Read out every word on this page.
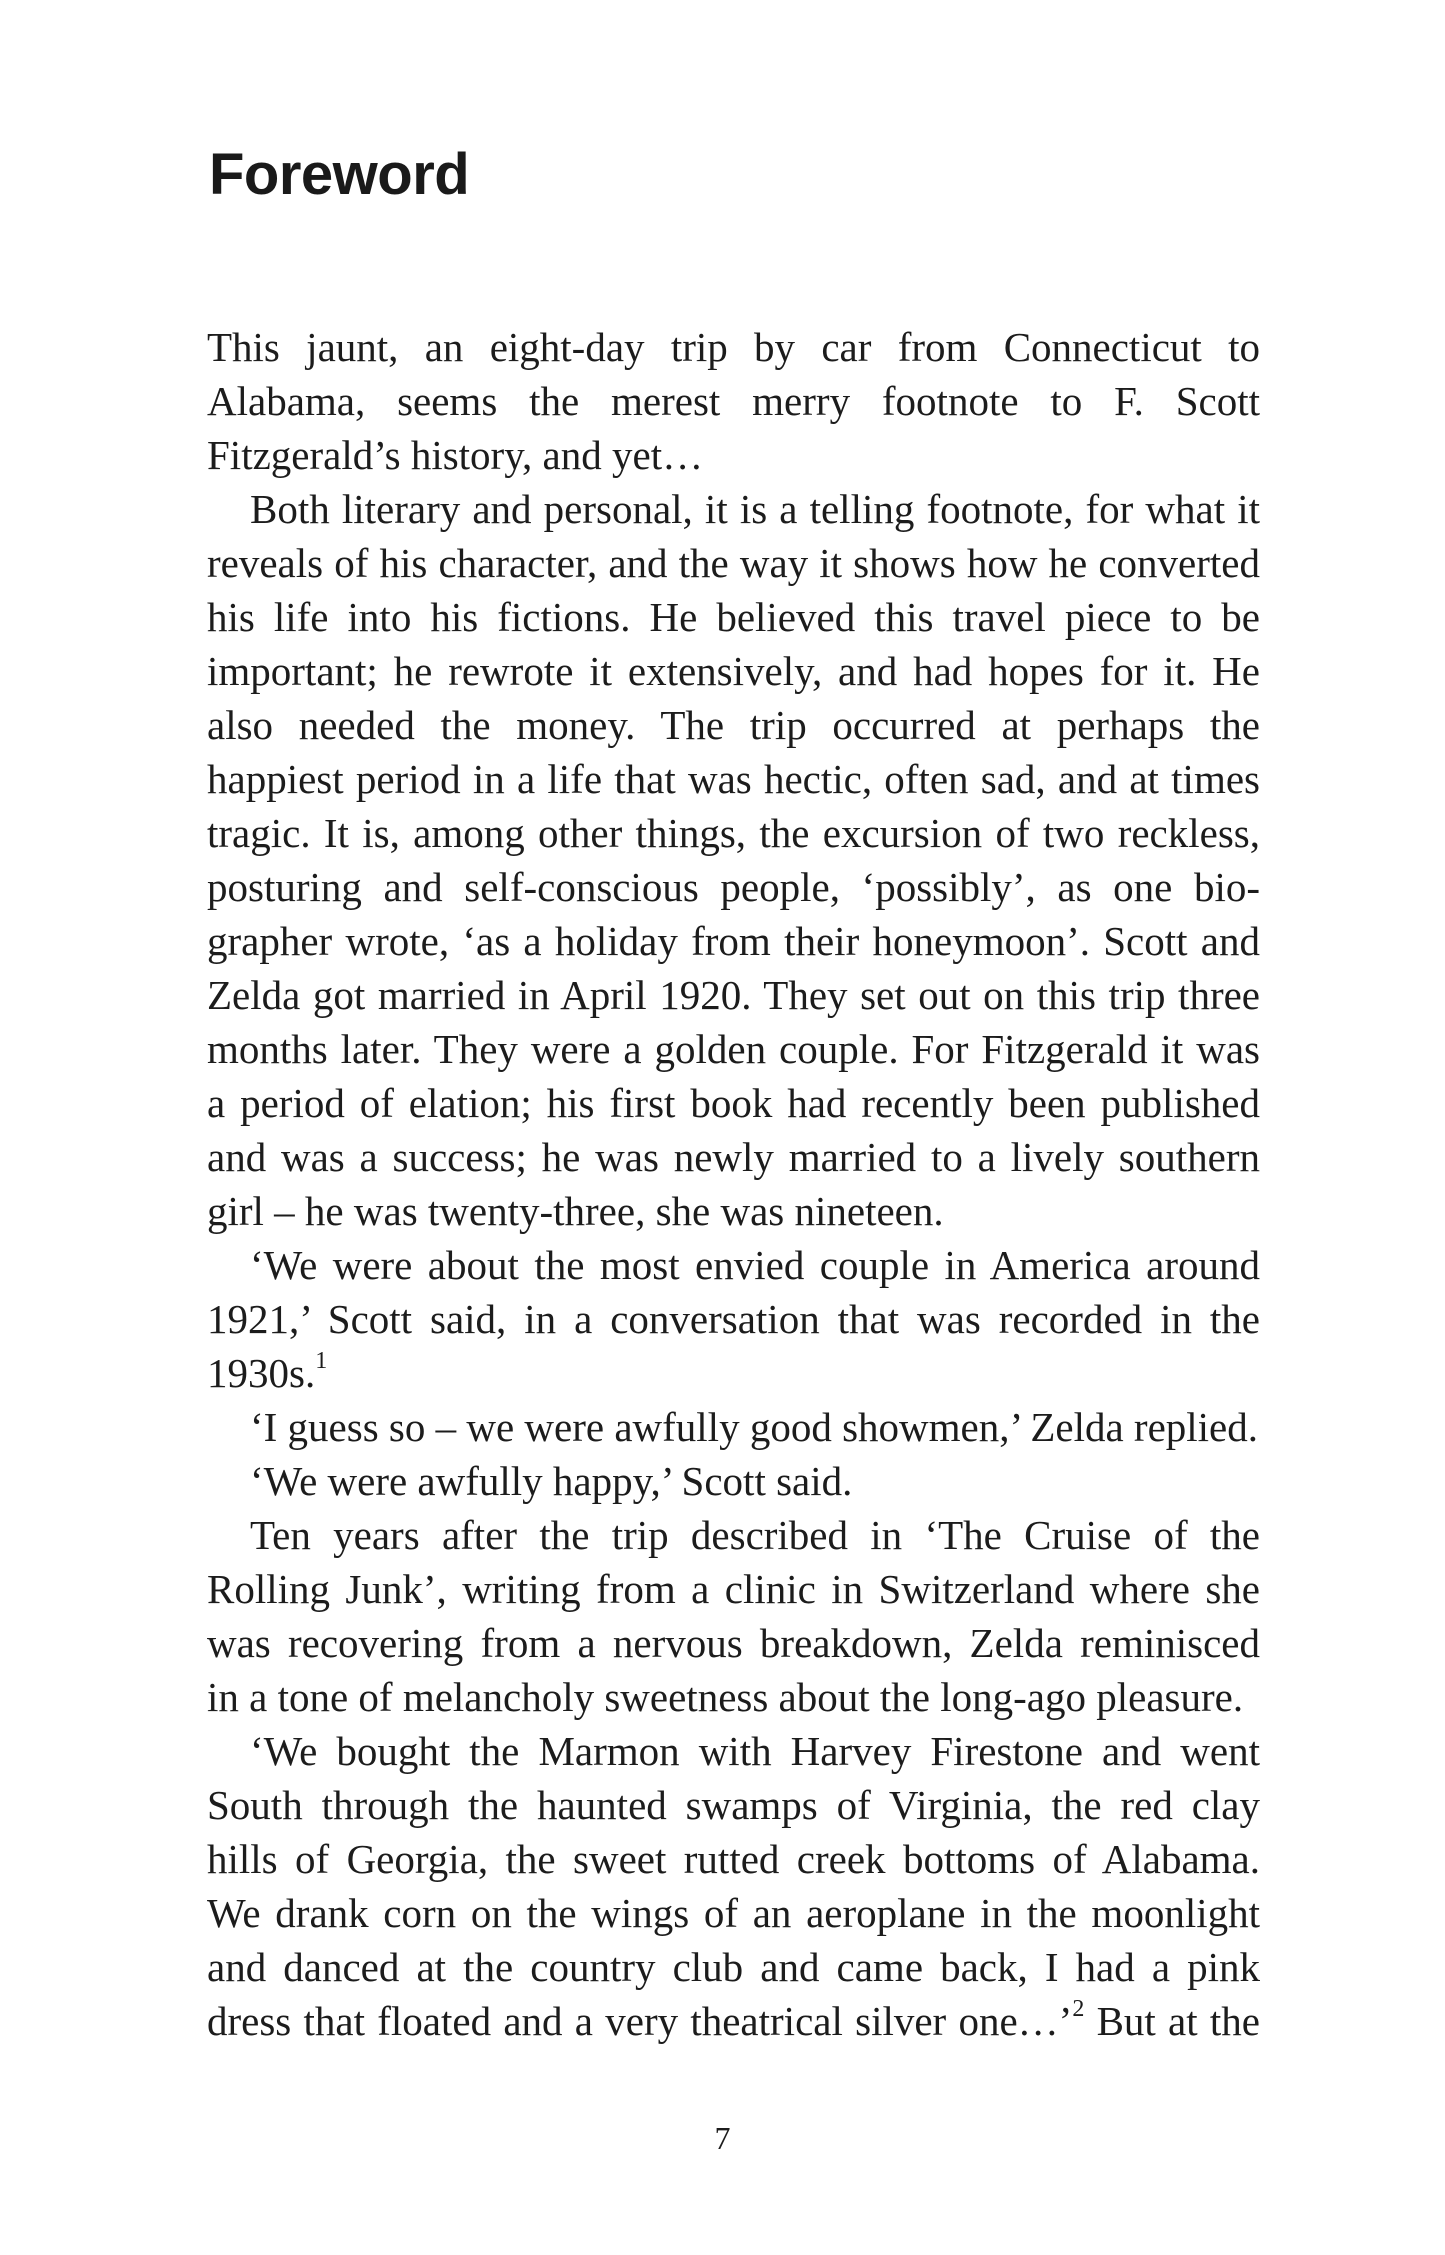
Foreword
This jaunt, an eight-day trip by car from Connecticut to
Alabama, seems the merest merry footnote to F. Scott
Fitzgerald’s history, and yet…
Both literary and personal, it is a telling footnote, for what it
reveals of his character, and the way it shows how he converted
his life into his fictions. He believed this travel piece to be
important; he rewrote it extensively, and had hopes for it. He
also needed the money. The trip occurred at perhaps the
happiest period in a life that was hectic, often sad, and at times
tragic. It is, among other things, the excursion of two reckless,
posturing and self-conscious people, ‘possibly’, as one bio-
grapher wrote, ‘as a holiday from their honeymoon’. Scott and
Zelda got married in April 1920. They set out on this trip three
months later. They were a golden couple. For Fitzgerald it was
a period of elation; his first book had recently been published
and was a success; he was newly married to a lively southern
girl – he was twenty-three, she was nineteen.
‘We were about the most envied couple in America around
1921,’ Scott said, in a conversation that was recorded in the
1930s.$^1$
‘I guess so – we were awfully good showmen,’ Zelda replied.
‘We were awfully happy,’ Scott said.
Ten years after the trip described in ‘The Cruise of the
Rolling Junk’, writing from a clinic in Switzerland where she
was recovering from a nervous breakdown, Zelda reminisced
in a tone of melancholy sweetness about the long-ago pleasure.
‘We bought the Marmon with Harvey Firestone and went
South through the haunted swamps of Virginia, the red clay
hills of Georgia, the sweet rutted creek bottoms of Alabama.
We drank corn on the wings of an aeroplane in the moonlight
and danced at the country club and came back, I had a pink
dress that floated and a very theatrical silver one…’$^2$ But at the
7
